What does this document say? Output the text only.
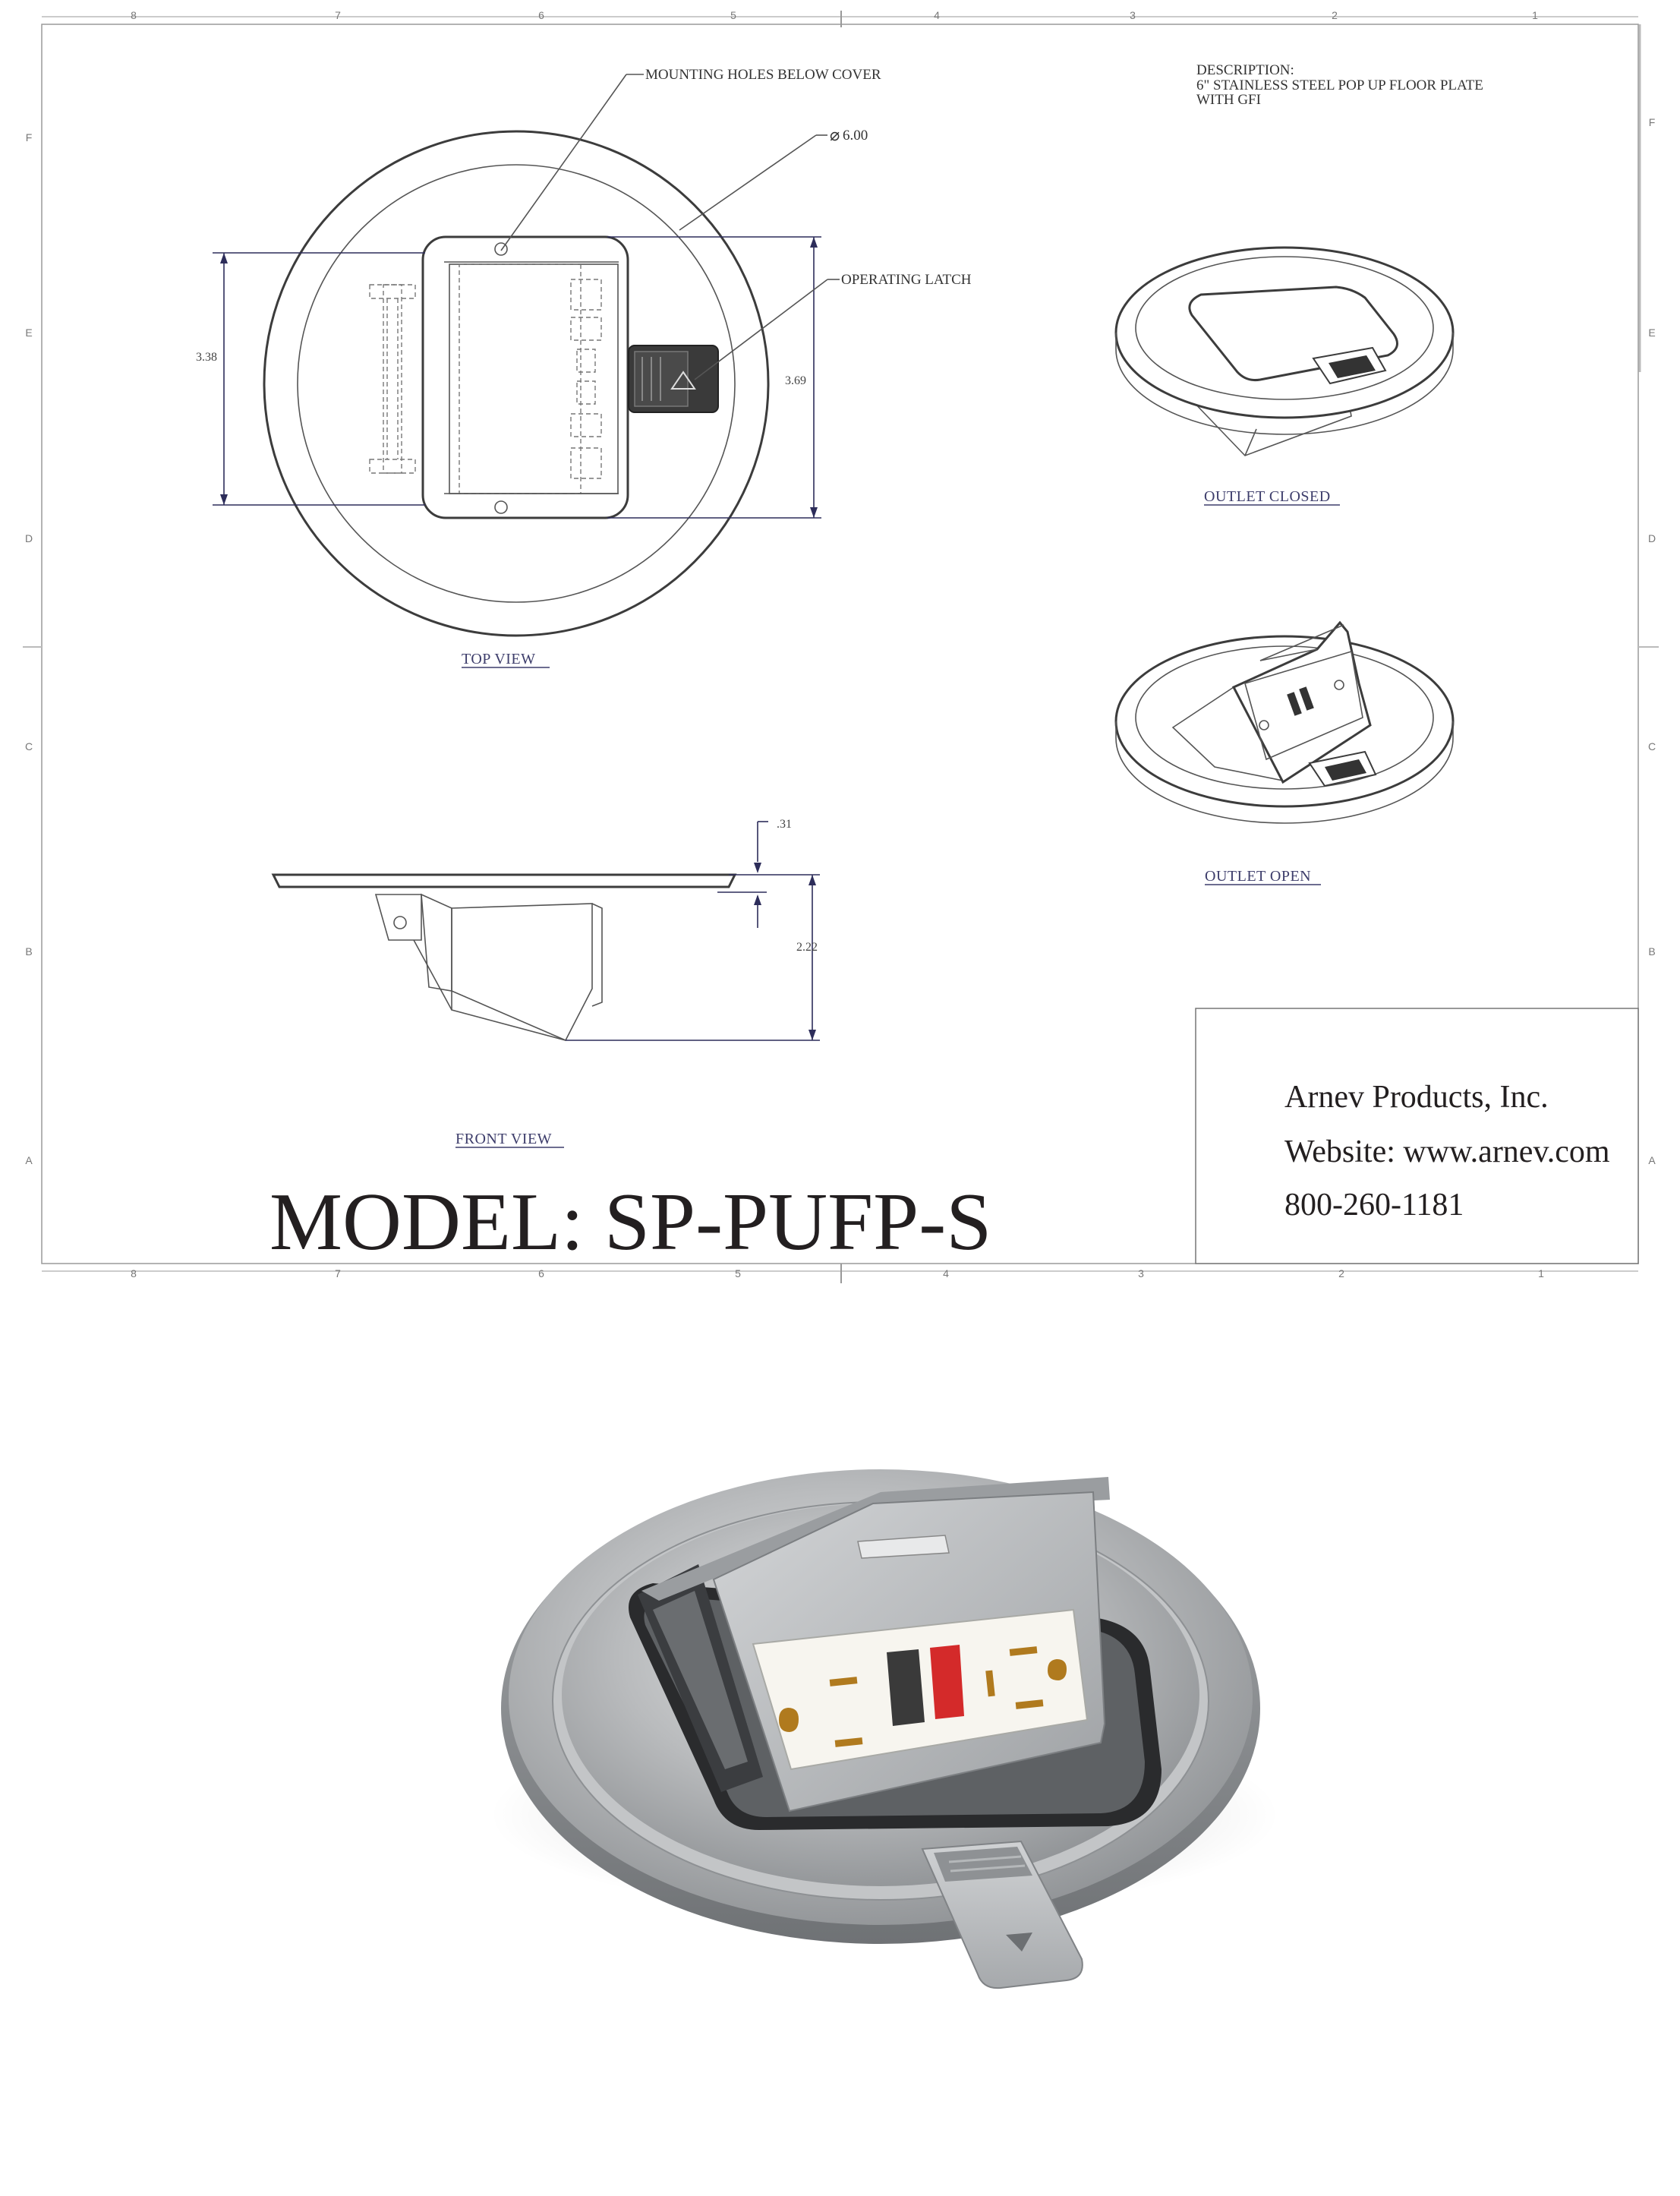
8	7	6	5	4	3	2	1
8	7	6	5	4	3	2	1
F
E
D
C
B
A
F
E
D
C
B
A
DESCRIPTION:
6" STAINLESS STEEL POP UP FLOOR PLATE
WITH GFI
3.38
3.69
MOUNTING HOLES BELOW COVER
⌀ 6.00
OPERATING LATCH
TOP VIEW
.31
2.22
FRONT VIEW
OUTLET CLOSED
OUTLET OPEN
MODEL: SP-PUFP-S
Arnev Products, Inc.
Website: www.arnev.com
800-260-1181
